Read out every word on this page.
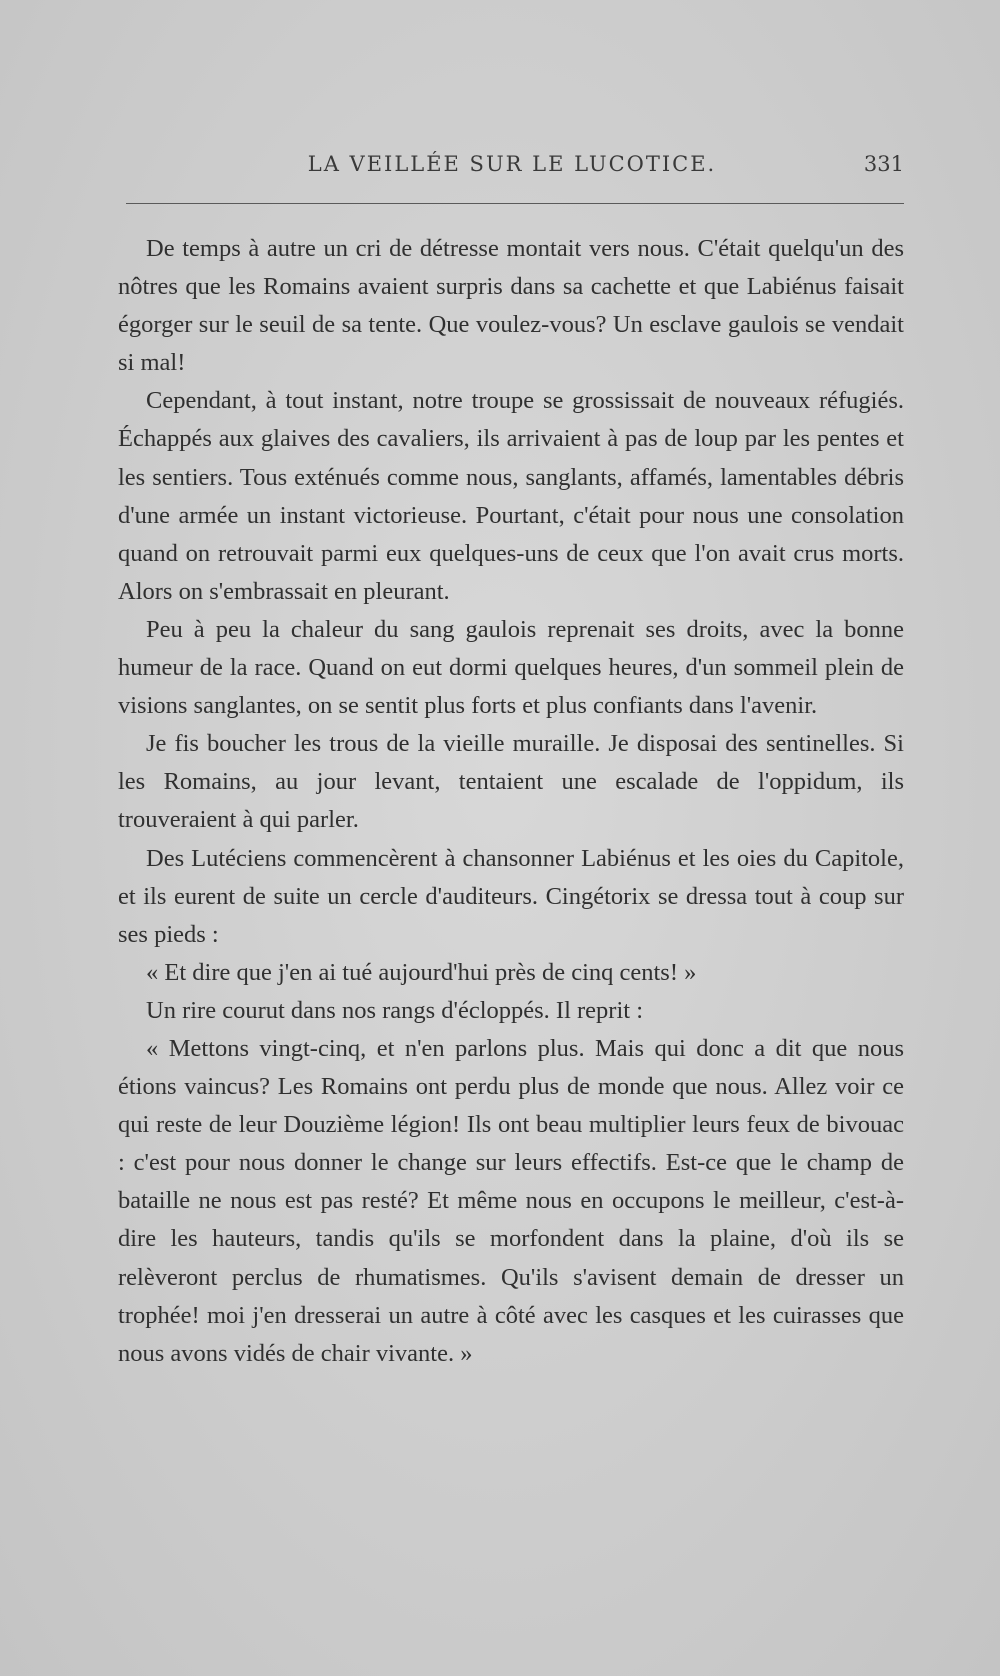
LA VEILLÉE SUR LE LUCOTICE.	331

De temps à autre un cri de détresse montait vers nous. C'était quelqu'un des nôtres que les Romains avaient surpris dans sa cachette et que Labiénus faisait égorger sur le seuil de sa tente. Que voulez-vous? Un esclave gaulois se vendait si mal!

Cependant, à tout instant, notre troupe se grossissait de nouveaux réfugiés. Échappés aux glaives des cavaliers, ils arrivaient à pas de loup par les pentes et les sentiers. Tous exténués comme nous, sanglants, affamés, lamentables débris d'une armée un instant victorieuse. Pourtant, c'était pour nous une consolation quand on retrouvait parmi eux quelques-uns de ceux que l'on avait crus morts. Alors on s'embrassait en pleurant.

Peu à peu la chaleur du sang gaulois reprenait ses droits, avec la bonne humeur de la race. Quand on eut dormi quelques heures, d'un sommeil plein de visions sanglantes, on se sentit plus forts et plus confiants dans l'avenir.

Je fis boucher les trous de la vieille muraille. Je disposai des sentinelles. Si les Romains, au jour levant, tentaient une escalade de l'oppidum, ils trouveraient à qui parler.

Des Lutéciens commencèrent à chansonner Labiénus et les oies du Capitole, et ils eurent de suite un cercle d'auditeurs. Cingétorix se dressa tout à coup sur ses pieds :

« Et dire que j'en ai tué aujourd'hui près de cinq cents! »

Un rire courut dans nos rangs d'écloppés. Il reprit :

« Mettons vingt-cinq, et n'en parlons plus. Mais qui donc a dit que nous étions vaincus? Les Romains ont perdu plus de monde que nous. Allez voir ce qui reste de leur Douzième légion! Ils ont beau multiplier leurs feux de bivouac : c'est pour nous donner le change sur leurs effectifs. Est-ce que le champ de bataille ne nous est pas resté? Et même nous en occupons le meilleur, c'est-à-dire les hauteurs, tandis qu'ils se morfondent dans la plaine, d'où ils se relèveront perclus de rhumatismes. Qu'ils s'avisent demain de dresser un trophée! moi j'en dresserai un autre à côté avec les casques et les cuirasses que nous avons vidés de chair vivante. »
